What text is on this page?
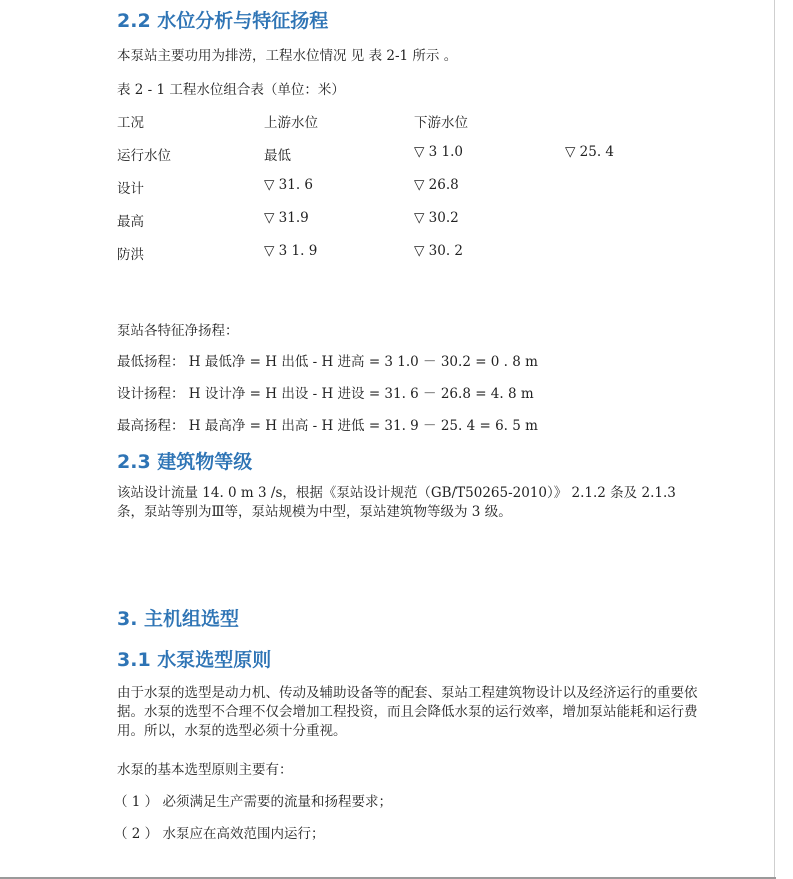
2.2 水位分析与特征扬程
本泵站主要功用为排涝，工程水位情况 见 表 2-1 所示 。
表 2 - 1 工程水位组合表（单位：米）
工况	上游水位	下游水位
运行水位	最低	▽ 3 1.0	▽ 25. 4
设计	▽ 31. 6	▽ 26.8
最高	▽ 31.9	▽ 30.2
防洪	▽ 3 1. 9	▽ 30. 2
泵站各特征净扬程：
最低扬程： H 最低净 = H 出低 - H 进高 = 3 1.0 － 30.2 = 0 . 8 m
设计扬程： H 设计净 = H 出设 - H 进设 = 31. 6 － 26.8 = 4. 8 m
最高扬程： H 最高净 = H 出高 - H 进低 = 31. 9 － 25. 4 = 6. 5 m
2.3 建筑物等级
该站设计流量 14. 0 m 3 /s，根据《泵站设计规范（GB/T50265-2010）》 2.1.2 条及 2.1.3 条，泵站等别为Ⅲ等，泵站规模为中型，泵站建筑物等级为 3 级。
3. 主机组选型
3.1 水泵选型原则
由于水泵的选型是动力机、传动及辅助设备等的配套、泵站工程建筑物设计以及经济运行的重要依据。水泵的选型不合理不仅会增加工程投资，而且会降低水泵的运行效率，增加泵站能耗和运行费用。所以，水泵的选型必须十分重视。
水泵的基本选型原则主要有：
（ 1 ） 必须满足生产需要的流量和扬程要求；
（ 2 ） 水泵应在高效范围内运行；
